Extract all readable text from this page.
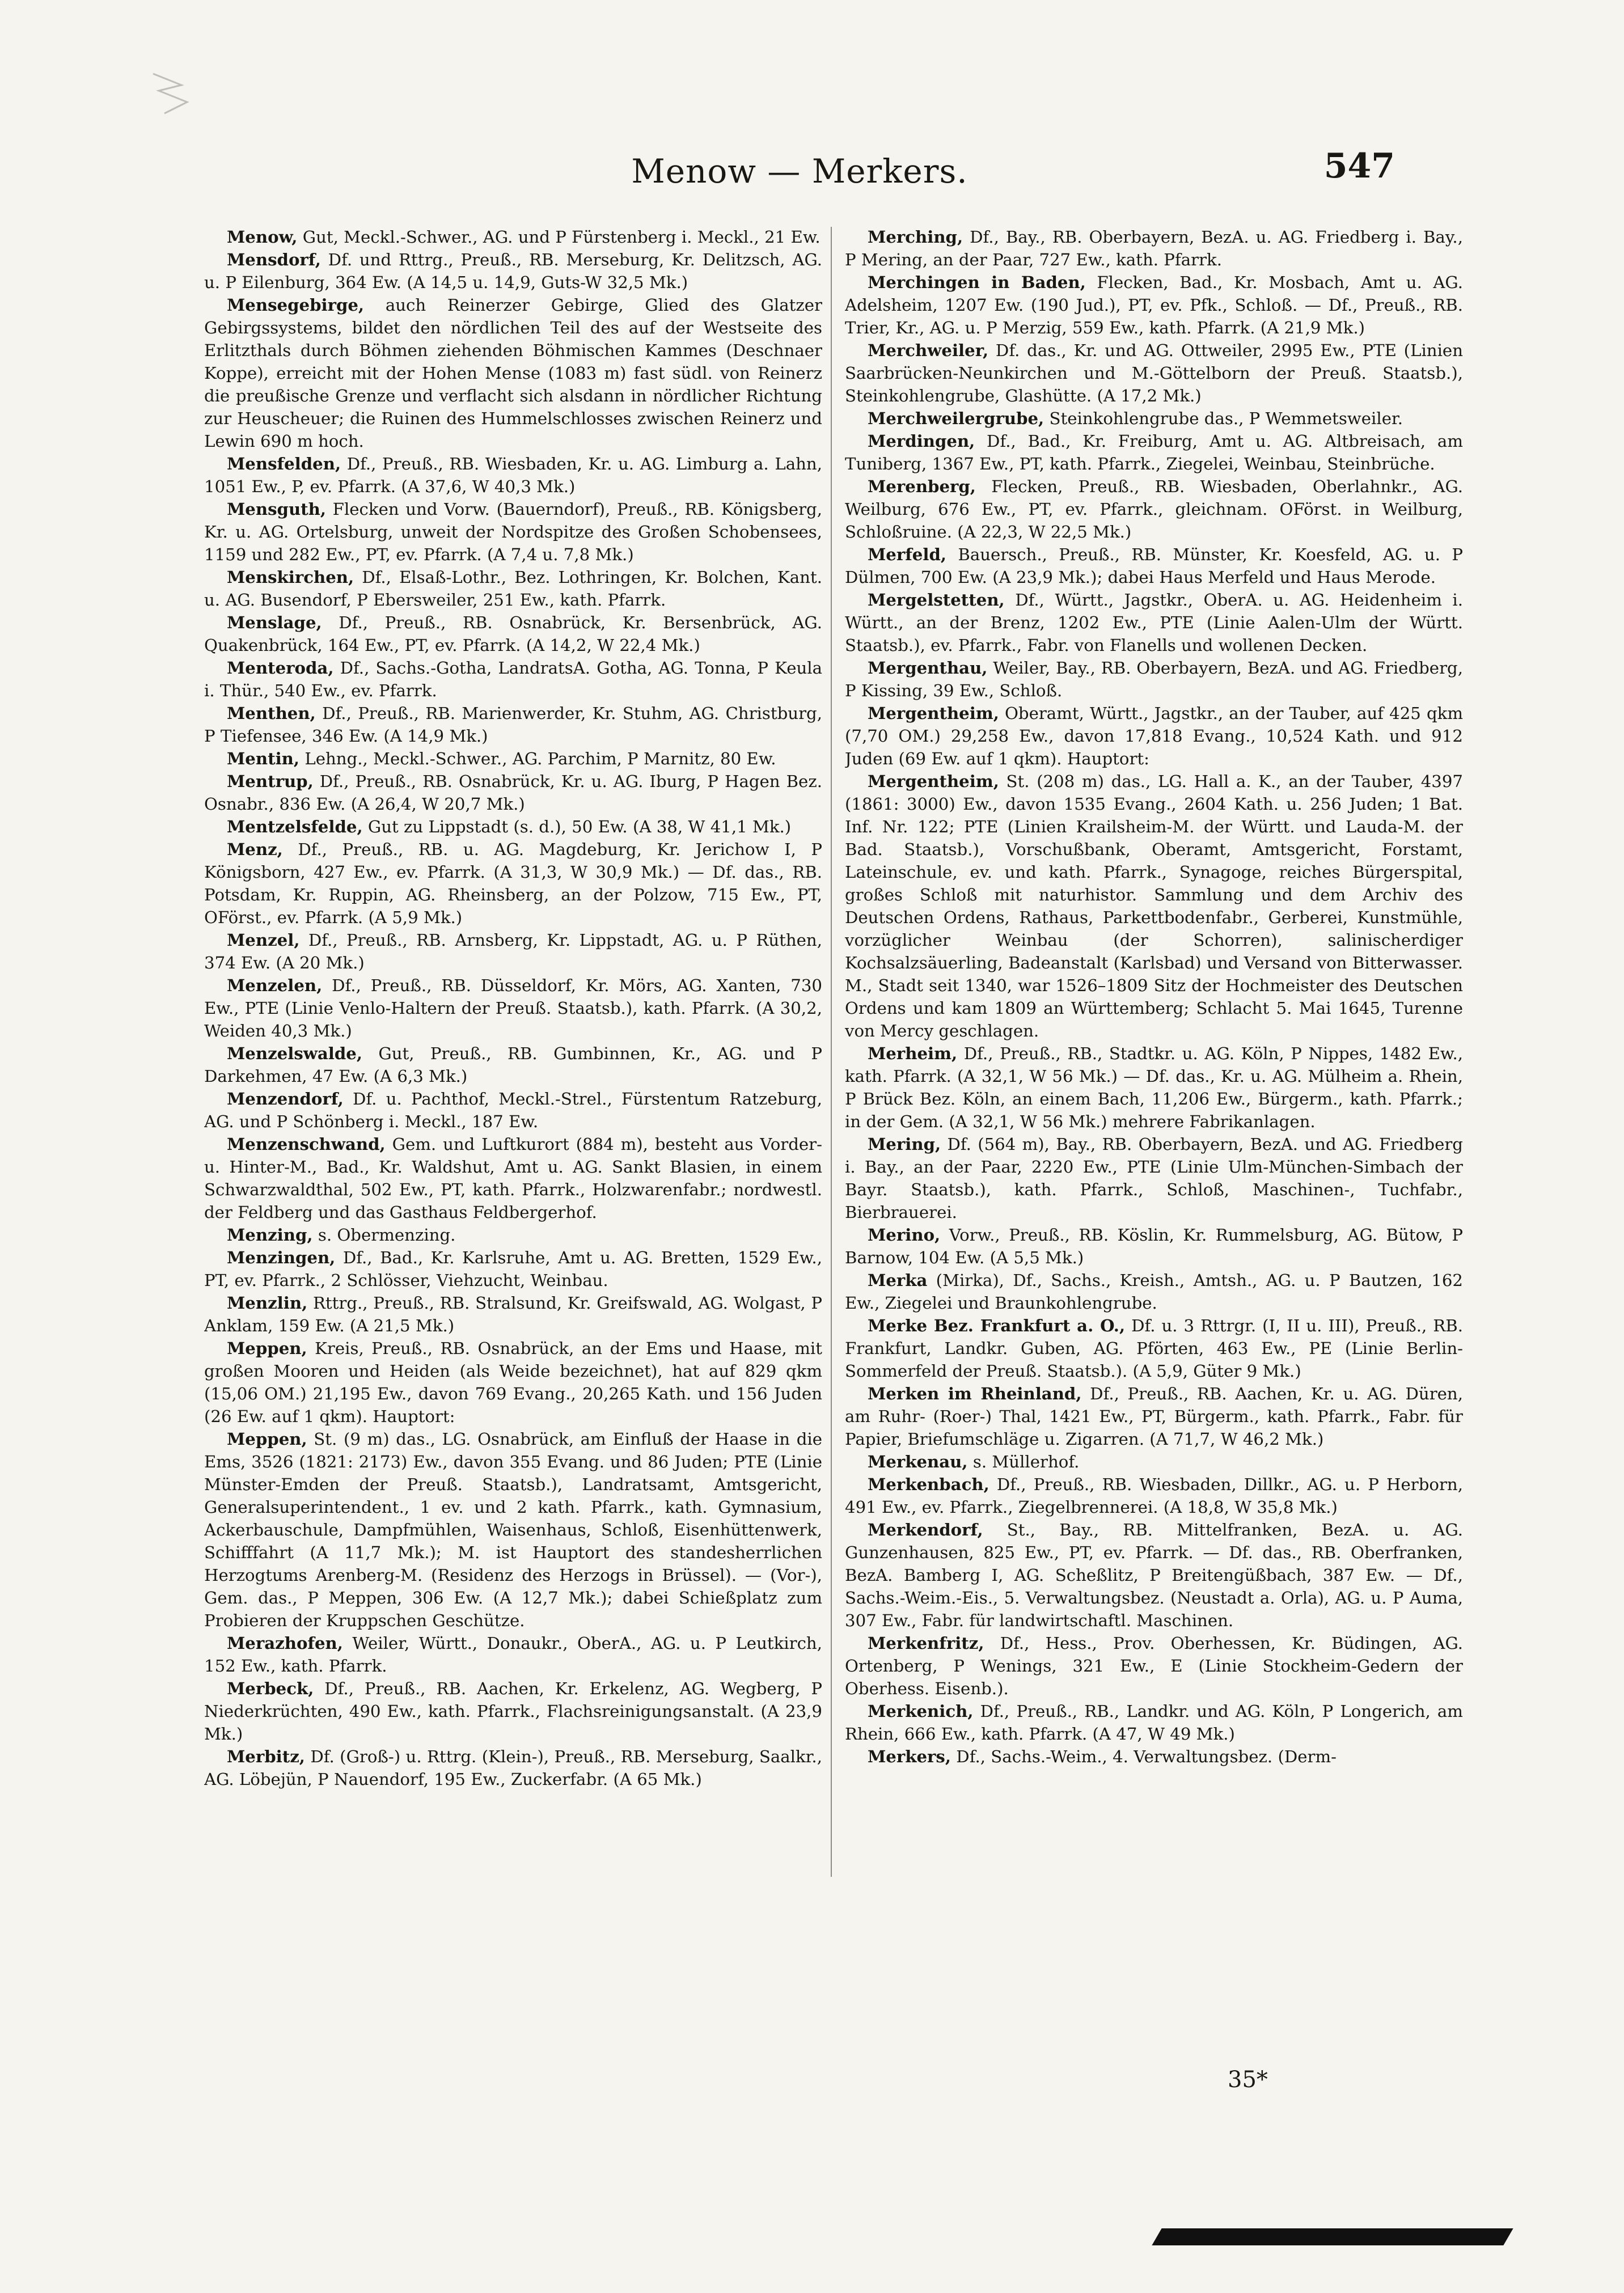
Menow — Merkers.	547

Menow, Gut, Meckl.-Schwer., AG. und P Fürstenberg i. Meckl., 21 Ew.

Mensdorf, Df. und Rttrg., Preuß., RB. Merseburg, Kr. Delitzsch, AG. u. P Eilenburg, 364 Ew. (A 14,5 u. 14,9, Guts-W 32,5 Mk.)

Mensegebirge, auch Reinerzer Gebirge, Glied des Glatzer Gebirgssystems, bildet den nördlichen Teil des auf der Westseite des Erlitzthals durch Böhmen ziehenden Böhmischen Kammes (Deschnaer Koppe), erreicht mit der Hohen Mense (1083 m) fast südl. von Reinerz die preußische Grenze und verflacht sich alsdann in nördlicher Richtung zur Heuscheuer; die Ruinen des Hummelschlosses zwischen Reinerz und Lewin 690 m hoch.

Mensfelden, Df., Preuß., RB. Wiesbaden, Kr. u. AG. Limburg a. Lahn, 1051 Ew., P, ev. Pfarrk. (A 37,6, W 40,3 Mk.)

Mensguth, Flecken und Vorw. (Bauerndorf), Preuß., RB. Königsberg, Kr. u. AG. Ortelsburg, unweit der Nordspitze des Großen Schobensees, 1159 und 282 Ew., PT, ev. Pfarrk. (A 7,4 u. 7,8 Mk.)

Menskirchen, Df., Elsaß-Lothr., Bez. Lothringen, Kr. Bolchen, Kant. u. AG. Busendorf, P Ebersweiler, 251 Ew., kath. Pfarrk.

Menslage, Df., Preuß., RB. Osnabrück, Kr. Bersenbrück, AG. Quakenbrück, 164 Ew., PT, ev. Pfarrk. (A 14,2, W 22,4 Mk.)

Menteroda, Df., Sachs.-Gotha, LandratsA. Gotha, AG. Tonna, P Keula i. Thür., 540 Ew., ev. Pfarrk.

Menthen, Df., Preuß., RB. Marienwerder, Kr. Stuhm, AG. Christburg, P Tiefensee, 346 Ew. (A 14,9 Mk.)

Mentin, Lehng., Meckl.-Schwer., AG. Parchim, P Marnitz, 80 Ew.

Mentrup, Df., Preuß., RB. Osnabrück, Kr. u. AG. Iburg, P Hagen Bez. Osnabr., 836 Ew. (A 26,4, W 20,7 Mk.)

Mentzelsfelde, Gut zu Lippstadt (s. d.), 50 Ew. (A 38, W 41,1 Mk.)

Menz, Df., Preuß., RB. u. AG. Magdeburg, Kr. Jerichow I, P Königsborn, 427 Ew., ev. Pfarrk. (A 31,3, W 30,9 Mk.) — Df. das., RB. Potsdam, Kr. Ruppin, AG. Rheinsberg, an der Polzow, 715 Ew., PT, OFörst., ev. Pfarrk. (A 5,9 Mk.)

Menzel, Df., Preuß., RB. Arnsberg, Kr. Lippstadt, AG. u. P Rüthen, 374 Ew. (A 20 Mk.)

Menzelen, Df., Preuß., RB. Düsseldorf, Kr. Mörs, AG. Xanten, 730 Ew., PTE (Linie Venlo-Haltern der Preuß. Staatsb.), kath. Pfarrk. (A 30,2, Weiden 40,3 Mk.)

Menzelswalde, Gut, Preuß., RB. Gumbinnen, Kr., AG. und P Darkehmen, 47 Ew. (A 6,3 Mk.)

Menzendorf, Df. u. Pachthof, Meckl.-Strel., Fürstentum Ratzeburg, AG. und P Schönberg i. Meckl., 187 Ew.

Menzenschwand, Gem. und Luftkurort (884 m), besteht aus Vorder- u. Hinter-M., Bad., Kr. Waldshut, Amt u. AG. Sankt Blasien, in einem Schwarzwaldthal, 502 Ew., PT, kath. Pfarrk., Holzwarenfabr.; nordwestl. der Feldberg und das Gasthaus Feldbergerhof.

Menzing, s. Obermenzing.

Menzingen, Df., Bad., Kr. Karlsruhe, Amt u. AG. Bretten, 1529 Ew., PT, ev. Pfarrk., 2 Schlösser, Viehzucht, Weinbau.

Menzlin, Rttrg., Preuß., RB. Stralsund, Kr. Greifswald, AG. Wolgast, P Anklam, 159 Ew. (A 21,5 Mk.)

Meppen, Kreis, Preuß., RB. Osnabrück, an der Ems und Haase, mit großen Mooren und Heiden (als Weide bezeichnet), hat auf 829 qkm (15,06 OM.) 21,195 Ew., davon 769 Evang., 20,265 Kath. und 156 Juden (26 Ew. auf 1 qkm). Hauptort:

Meppen, St. (9 m) das., LG. Osnabrück, am Einfluß der Haase in die Ems, 3526 (1821: 2173) Ew., davon 355 Evang. und 86 Juden; PTE (Linie Münster-Emden der Preuß. Staatsb.), Landratsamt, Amtsgericht, Generalsuperintendent., 1 ev. und 2 kath. Pfarrk., kath. Gymnasium, Ackerbauschule, Dampfmühlen, Waisenhaus, Schloß, Eisenhüttenwerk, Schifffahrt (A 11,7 Mk.); M. ist Hauptort des standesherrlichen Herzogtums Arenberg-M. (Residenz des Herzogs in Brüssel). — (Vor-), Gem. das., P Meppen, 306 Ew. (A 12,7 Mk.); dabei Schießplatz zum Probieren der Kruppschen Geschütze.

Merazhofen, Weiler, Württ., Donaukr., OberA., AG. u. P Leutkirch, 152 Ew., kath. Pfarrk.

Merbeck, Df., Preuß., RB. Aachen, Kr. Erkelenz, AG. Wegberg, P Niederkrüchten, 490 Ew., kath. Pfarrk., Flachsreinigungsanstalt. (A 23,9 Mk.)

Merbitz, Df. (Groß-) u. Rttrg. (Klein-), Preuß., RB. Merseburg, Saalkr., AG. Löbejün, P Nauendorf, 195 Ew., Zuckerfabr. (A 65 Mk.)

Merching, Df., Bay., RB. Oberbayern, BezA. u. AG. Friedberg i. Bay., P Mering, an der Paar, 727 Ew., kath. Pfarrk.

Merchingen in Baden, Flecken, Bad., Kr. Mosbach, Amt u. AG. Adelsheim, 1207 Ew. (190 Jud.), PT, ev. Pfk., Schloß. — Df., Preuß., RB. Trier, Kr., AG. u. P Merzig, 559 Ew., kath. Pfarrk. (A 21,9 Mk.)

Merchweiler, Df. das., Kr. und AG. Ottweiler, 2995 Ew., PTE (Linien Saarbrücken-Neunkirchen und M.-Göttelborn der Preuß. Staatsb.), Steinkohlengrube, Glashütte. (A 17,2 Mk.)

Merchweilergrube, Steinkohlengrube das., P Wemmetsweiler.

Merdingen, Df., Bad., Kr. Freiburg, Amt u. AG. Altbreisach, am Tuniberg, 1367 Ew., PT, kath. Pfarrk., Ziegelei, Weinbau, Steinbrüche.

Merenberg, Flecken, Preuß., RB. Wiesbaden, Oberlahnkr., AG. Weilburg, 676 Ew., PT, ev. Pfarrk., gleichnam. OFörst. in Weilburg, Schloßruine. (A 22,3, W 22,5 Mk.)

Merfeld, Bauersch., Preuß., RB. Münster, Kr. Koesfeld, AG. u. P Dülmen, 700 Ew. (A 23,9 Mk.); dabei Haus Merfeld und Haus Merode.

Mergelstetten, Df., Württ., Jagstkr., OberA. u. AG. Heidenheim i. Württ., an der Brenz, 1202 Ew., PTE (Linie Aalen-Ulm der Württ. Staatsb.), ev. Pfarrk., Fabr. von Flanells und wollenen Decken.

Mergenthau, Weiler, Bay., RB. Oberbayern, BezA. und AG. Friedberg, P Kissing, 39 Ew., Schloß.

Mergentheim, Oberamt, Württ., Jagstkr., an der Tauber, auf 425 qkm (7,70 OM.) 29,258 Ew., davon 17,818 Evang., 10,524 Kath. und 912 Juden (69 Ew. auf 1 qkm). Hauptort:

Mergentheim, St. (208 m) das., LG. Hall a. K., an der Tauber, 4397 (1861: 3000) Ew., davon 1535 Evang., 2604 Kath. u. 256 Juden; 1 Bat. Inf. Nr. 122; PTE (Linien Krailsheim-M. der Württ. und Lauda-M. der Bad. Staatsb.), Vorschußbank, Oberamt, Amtsgericht, Forstamt, Lateinschule, ev. und kath. Pfarrk., Synagoge, reiches Bürgerspital, großes Schloß mit naturhistor. Sammlung und dem Archiv des Deutschen Ordens, Rathaus, Parkettbodenfabr., Gerberei, Kunstmühle, vorzüglicher Weinbau (der Schorren), salinischerdiger Kochsalzsäuerling, Badeanstalt (Karlsbad) und Versand von Bitterwasser. M., Stadt seit 1340, war 1526–1809 Sitz der Hochmeister des Deutschen Ordens und kam 1809 an Württemberg; Schlacht 5. Mai 1645, Turenne von Mercy geschlagen.

Merheim, Df., Preuß., RB., Stadtkr. u. AG. Köln, P Nippes, 1482 Ew., kath. Pfarrk. (A 32,1, W 56 Mk.) — Df. das., Kr. u. AG. Mülheim a. Rhein, P Brück Bez. Köln, an einem Bach, 11,206 Ew., Bürgerm., kath. Pfarrk.; in der Gem. (A 32,1, W 56 Mk.) mehrere Fabrikanlagen.

Mering, Df. (564 m), Bay., RB. Oberbayern, BezA. und AG. Friedberg i. Bay., an der Paar, 2220 Ew., PTE (Linie Ulm-München-Simbach der Bayr. Staatsb.), kath. Pfarrk., Schloß, Maschinen-, Tuchfabr., Bierbrauerei.

Merino, Vorw., Preuß., RB. Köslin, Kr. Rummelsburg, AG. Bütow, P Barnow, 104 Ew. (A 5,5 Mk.)

Merka (Mirka), Df., Sachs., Kreish., Amtsh., AG. u. P Bautzen, 162 Ew., Ziegelei und Braunkohlengrube.

Merke Bez. Frankfurt a. O., Df. u. 3 Rttrgr. (I, II u. III), Preuß., RB. Frankfurt, Landkr. Guben, AG. Pförten, 463 Ew., PE (Linie Berlin-Sommerfeld der Preuß. Staatsb.). (A 5,9, Güter 9 Mk.)

Merken im Rheinland, Df., Preuß., RB. Aachen, Kr. u. AG. Düren, am Ruhr- (Roer-) Thal, 1421 Ew., PT, Bürgerm., kath. Pfarrk., Fabr. für Papier, Briefumschläge u. Zigarren. (A 71,7, W 46,2 Mk.)

Merkenau, s. Müllerhof.

Merkenbach, Df., Preuß., RB. Wiesbaden, Dillkr., AG. u. P Herborn, 491 Ew., ev. Pfarrk., Ziegelbrennerei. (A 18,8, W 35,8 Mk.)

Merkendorf, St., Bay., RB. Mittelfranken, BezA. u. AG. Gunzenhausen, 825 Ew., PT, ev. Pfarrk. — Df. das., RB. Oberfranken, BezA. Bamberg I, AG. Scheßlitz, P Breitengüßbach, 387 Ew. — Df., Sachs.-Weim.-Eis., 5. Verwaltungsbez. (Neustadt a. Orla), AG. u. P Auma, 307 Ew., Fabr. für landwirtschaftl. Maschinen.

Merkenfritz, Df., Hess., Prov. Oberhessen, Kr. Büdingen, AG. Ortenberg, P Wenings, 321 Ew., E (Linie Stockheim-Gedern der Oberhess. Eisenb.).

Merkenich, Df., Preuß., RB., Landkr. und AG. Köln, P Longerich, am Rhein, 666 Ew., kath. Pfarrk. (A 47, W 49 Mk.)

Merkers, Df., Sachs.-Weim., 4. Verwaltungsbez. (Derm-

35*
